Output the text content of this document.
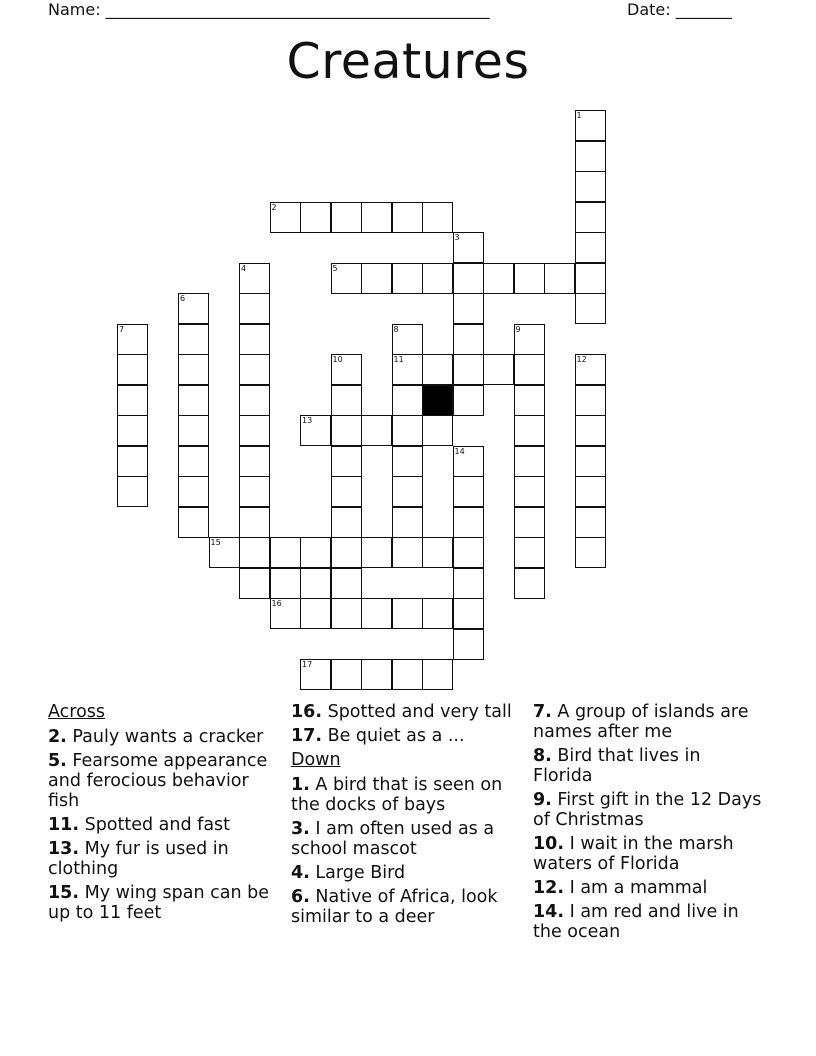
Name: ________________________________________________	Date: _______
Creatures
1
2
3
4	5
6
7	8	9
10	11	12
13
14
15
16
17
Across
2. Pauly wants a cracker
5. Fearsome appearance and ferocious behavior fish
11. Spotted and fast
13. My fur is used in clothing
15. My wing span can be up to 11 feet
16. Spotted and very tall
17. Be quiet as a ...
Down
1. A bird that is seen on the docks of bays
3. I am often used as a school mascot
4. Large Bird
6. Native of Africa, look similar to a deer
7. A group of islands are names after me
8. Bird that lives in Florida
9. First gift in the 12 Days of Christmas
10. I wait in the marsh waters of Florida
12. I am a mammal
14. I am red and live in the ocean
